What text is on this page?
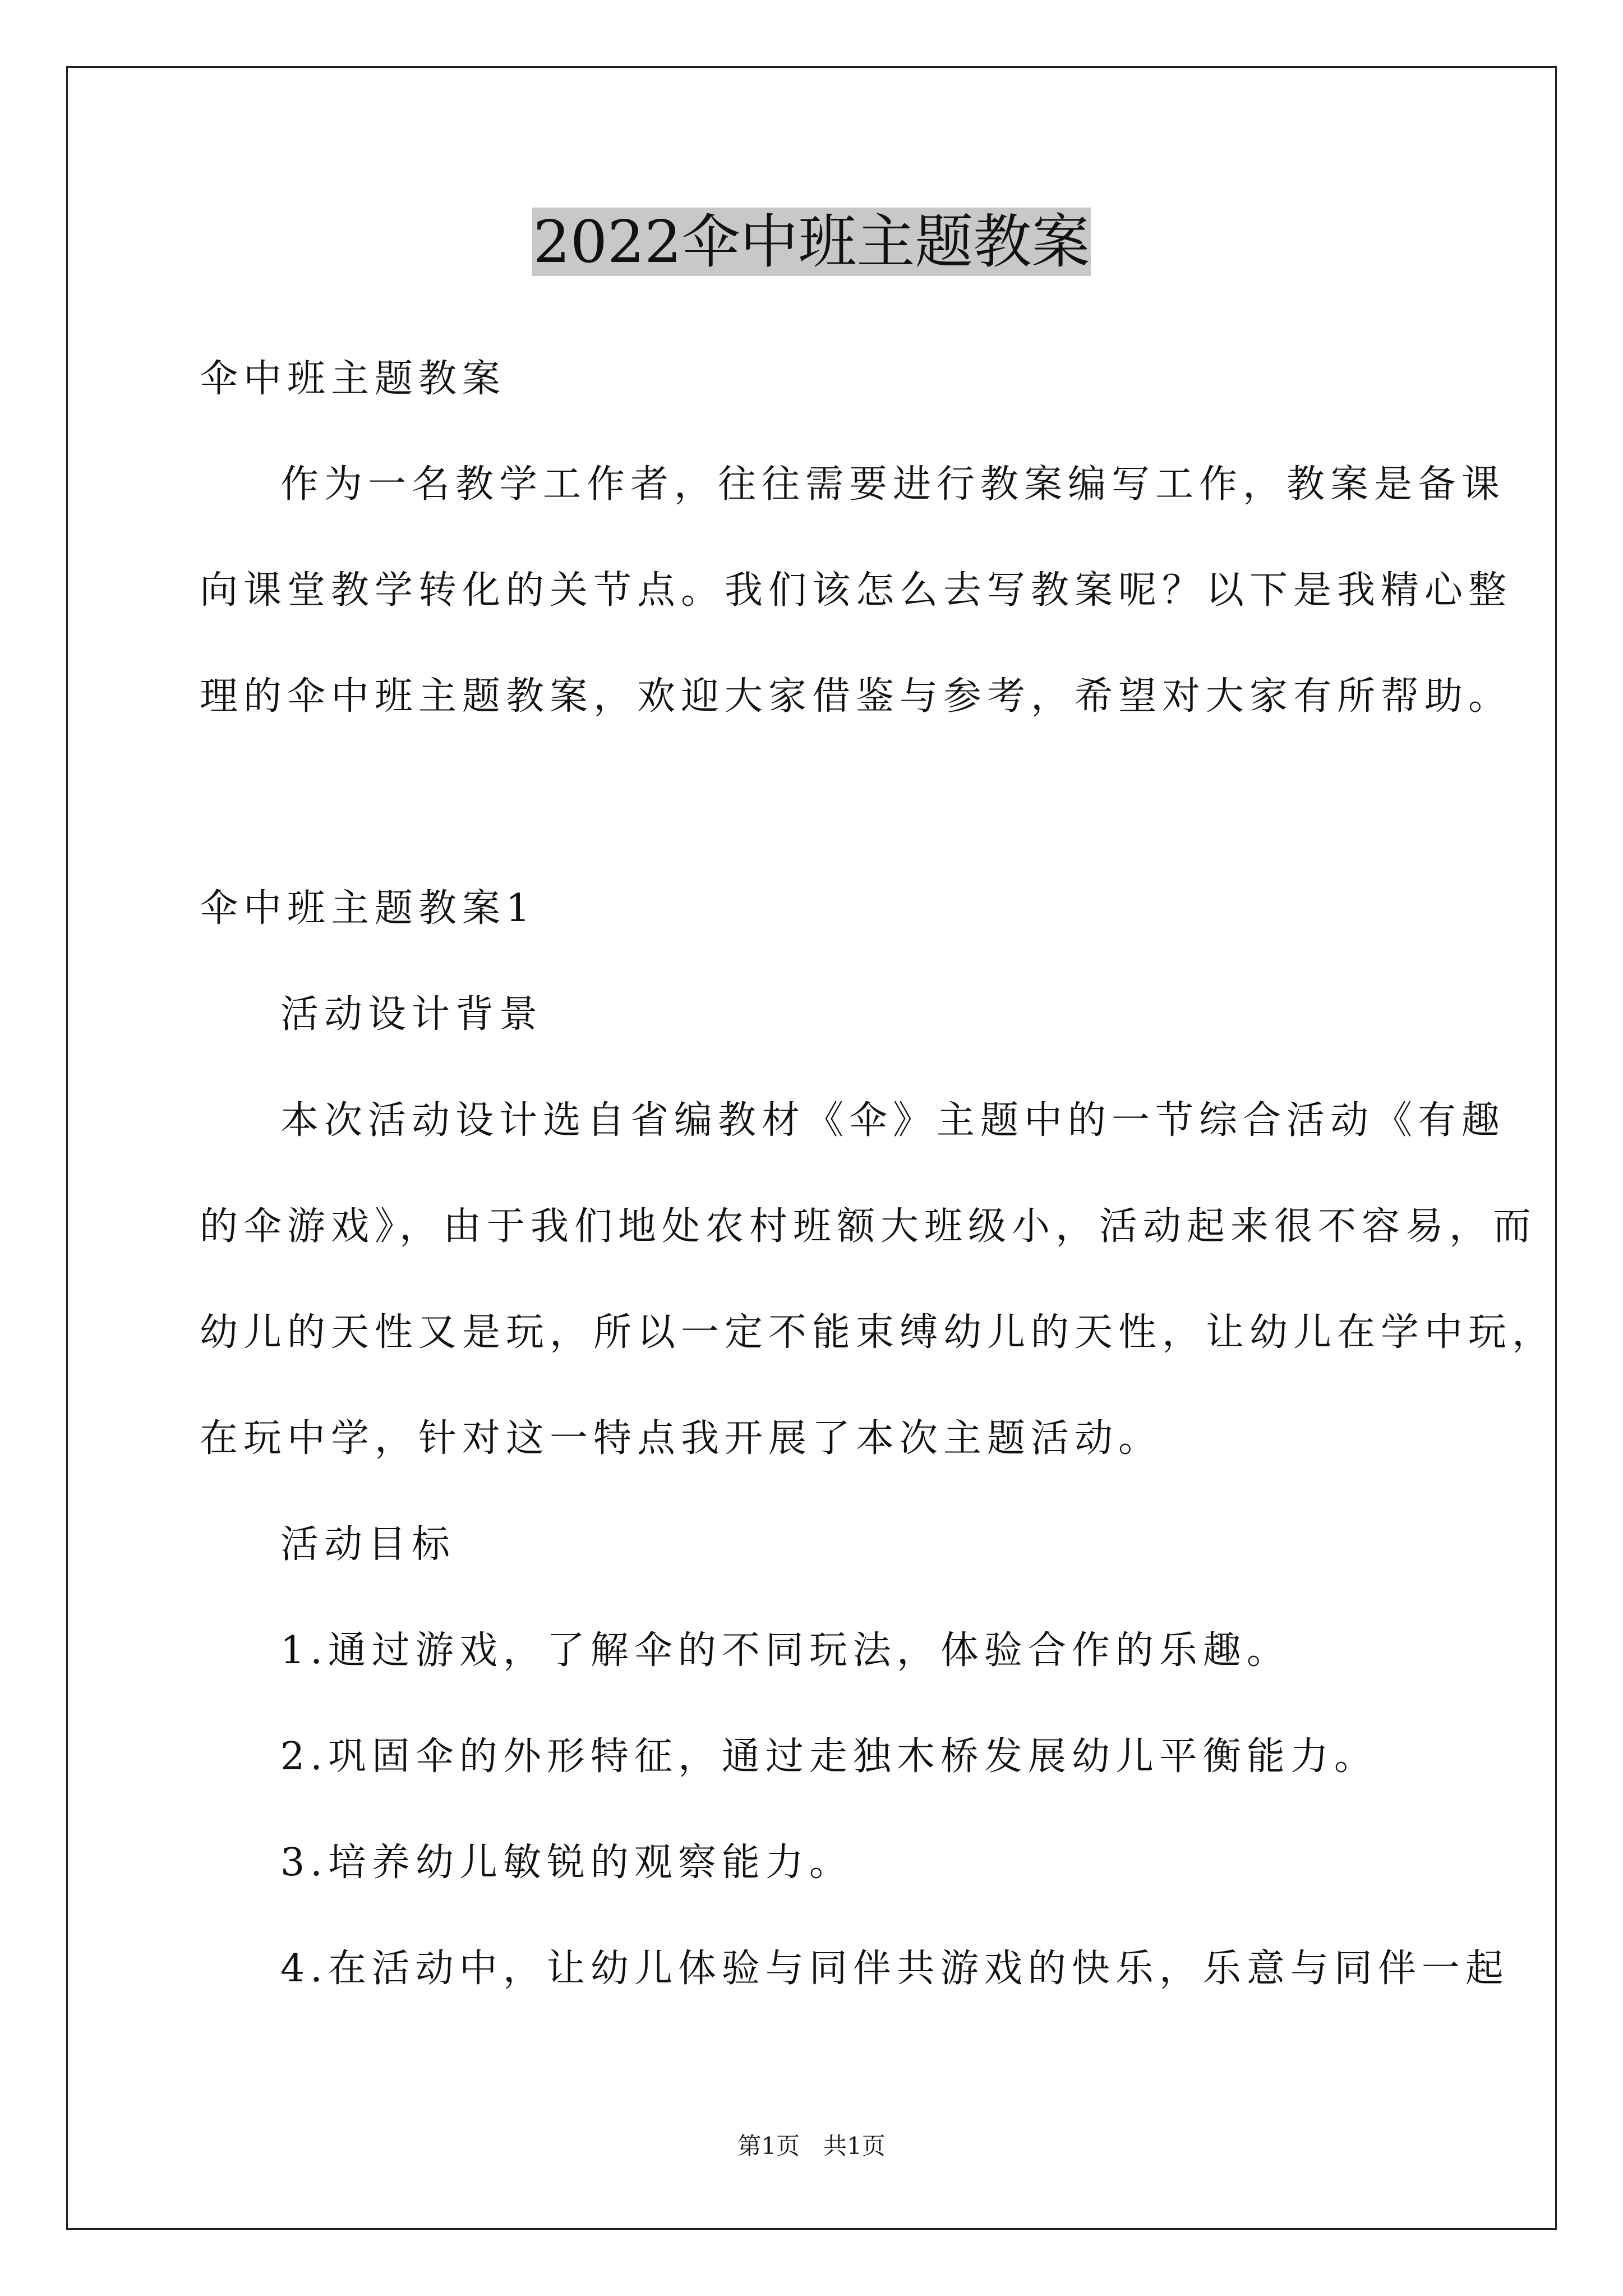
2022伞中班主题教案
伞中班主题教案
作为一名教学工作者，往往需要进行教案编写工作，教案是备课
向课堂教学转化的关节点。我们该怎么去写教案呢？以下是我精心整
理的伞中班主题教案，欢迎大家借鉴与参考，希望对大家有所帮助。
伞中班主题教案1
活动设计背景
本次活动设计选自省编教材《伞》主题中的一节综合活动《有趣
的伞游戏》，由于我们地处农村班额大班级小，活动起来很不容易，而
幼儿的天性又是玩，所以一定不能束缚幼儿的天性，让幼儿在学中玩，
在玩中学，针对这一特点我开展了本次主题活动。
活动目标
1.通过游戏，了解伞的不同玩法，体验合作的乐趣。
2.巩固伞的外形特征，通过走独木桥发展幼儿平衡能力。
3.培养幼儿敏锐的观察能力。
4.在活动中，让幼儿体验与同伴共游戏的快乐，乐意与同伴一起
第1页　共1页
